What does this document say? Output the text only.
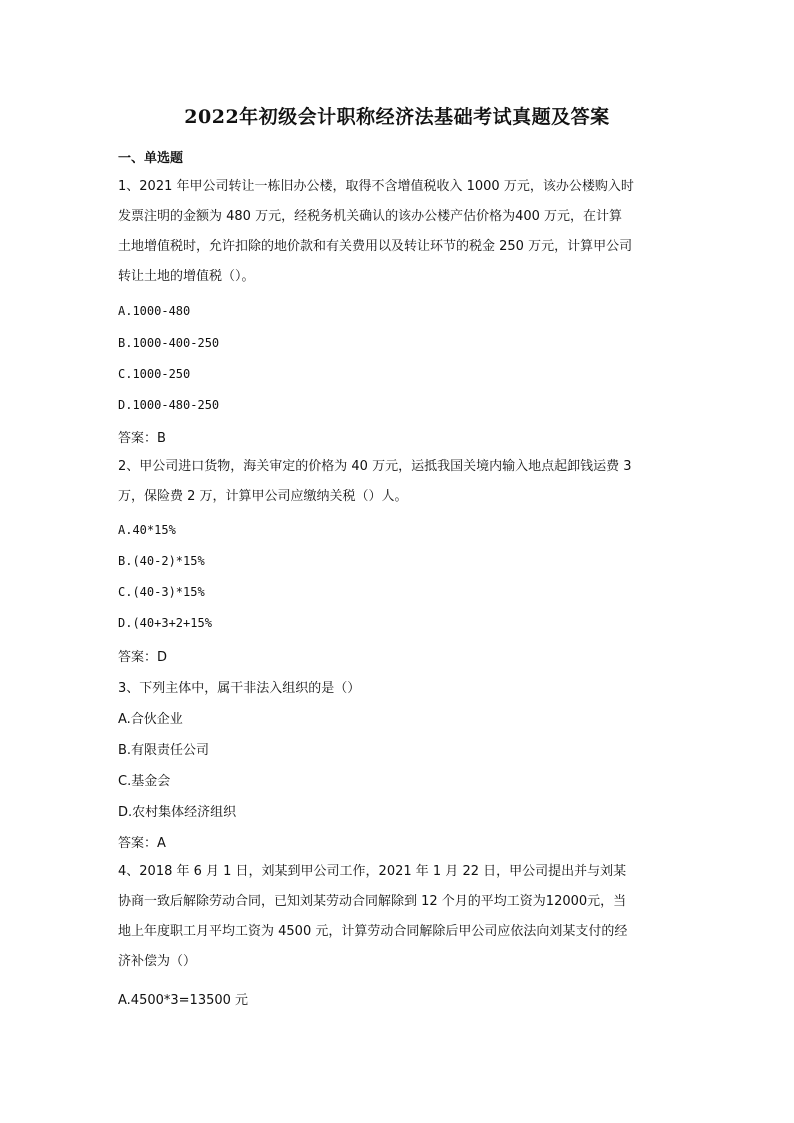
2022年初级会计职称经济法基础考试真题及答案
一、单选题
1、2021 年甲公司转让一栋旧办公楼，取得不含增值税收入 1000 万元，该办公楼购入时
发票注明的金额为 480 万元，经税务机关确认的该办公楼产估价格为400 万元，在计算
土地增值税时，允许扣除的地价款和有关费用以及转让环节的税金 250 万元，计算甲公司
转让土地的增值税（）。
A.1000-480
B.1000-400-250
C.1000-250
D.1000-480-250
答案：B
2、甲公司进口货物，海关审定的价格为 40 万元，运抵我国关境内输入地点起卸钱运费 3
万，保险费 2 万，计算甲公司应缴纳关税（）人。
A.40*15%
B.(40-2)*15%
C.(40-3)*15%
D.(40+3+2+15%
答案：D
3、下列主体中，属干非法入组织的是（）
A.合伙企业
B.有限责任公司
C.基金会
D.农村集体经济组织
答案：A
4、2018 年 6 月 1 日，刘某到甲公司工作，2021 年 1 月 22 日，甲公司提出并与刘某
协商一致后解除劳动合同，已知刘某劳动合同解除到 12 个月的平均工资为12000元，当
地上年度职工月平均工资为 4500 元，计算劳动合同解除后甲公司应依法向刘某支付的经
济补偿为（）
A.4500*3=13500 元
